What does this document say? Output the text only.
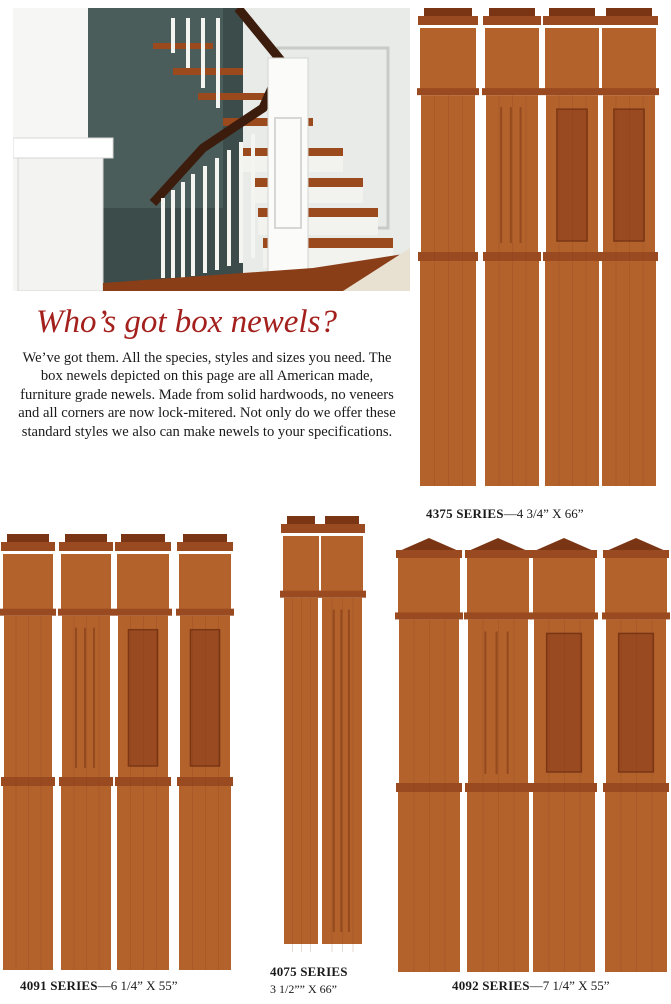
Who’s got box newels?
We’ve got them. All the species, styles and sizes you need. The box newels depicted on this page are all American made, furniture grade newels. Made from solid hardwoods, no veneers and all corners are now lock-mitered. Not only do we offer these standard styles we also can make newels to your specifications.
4375 SERIES—4 3/4” X 66”
4091 SERIES—6 1/4” X 55”
4075 SERIES
3 1/2”” X 66”	4092 SERIES—7 1/4” X 55”
